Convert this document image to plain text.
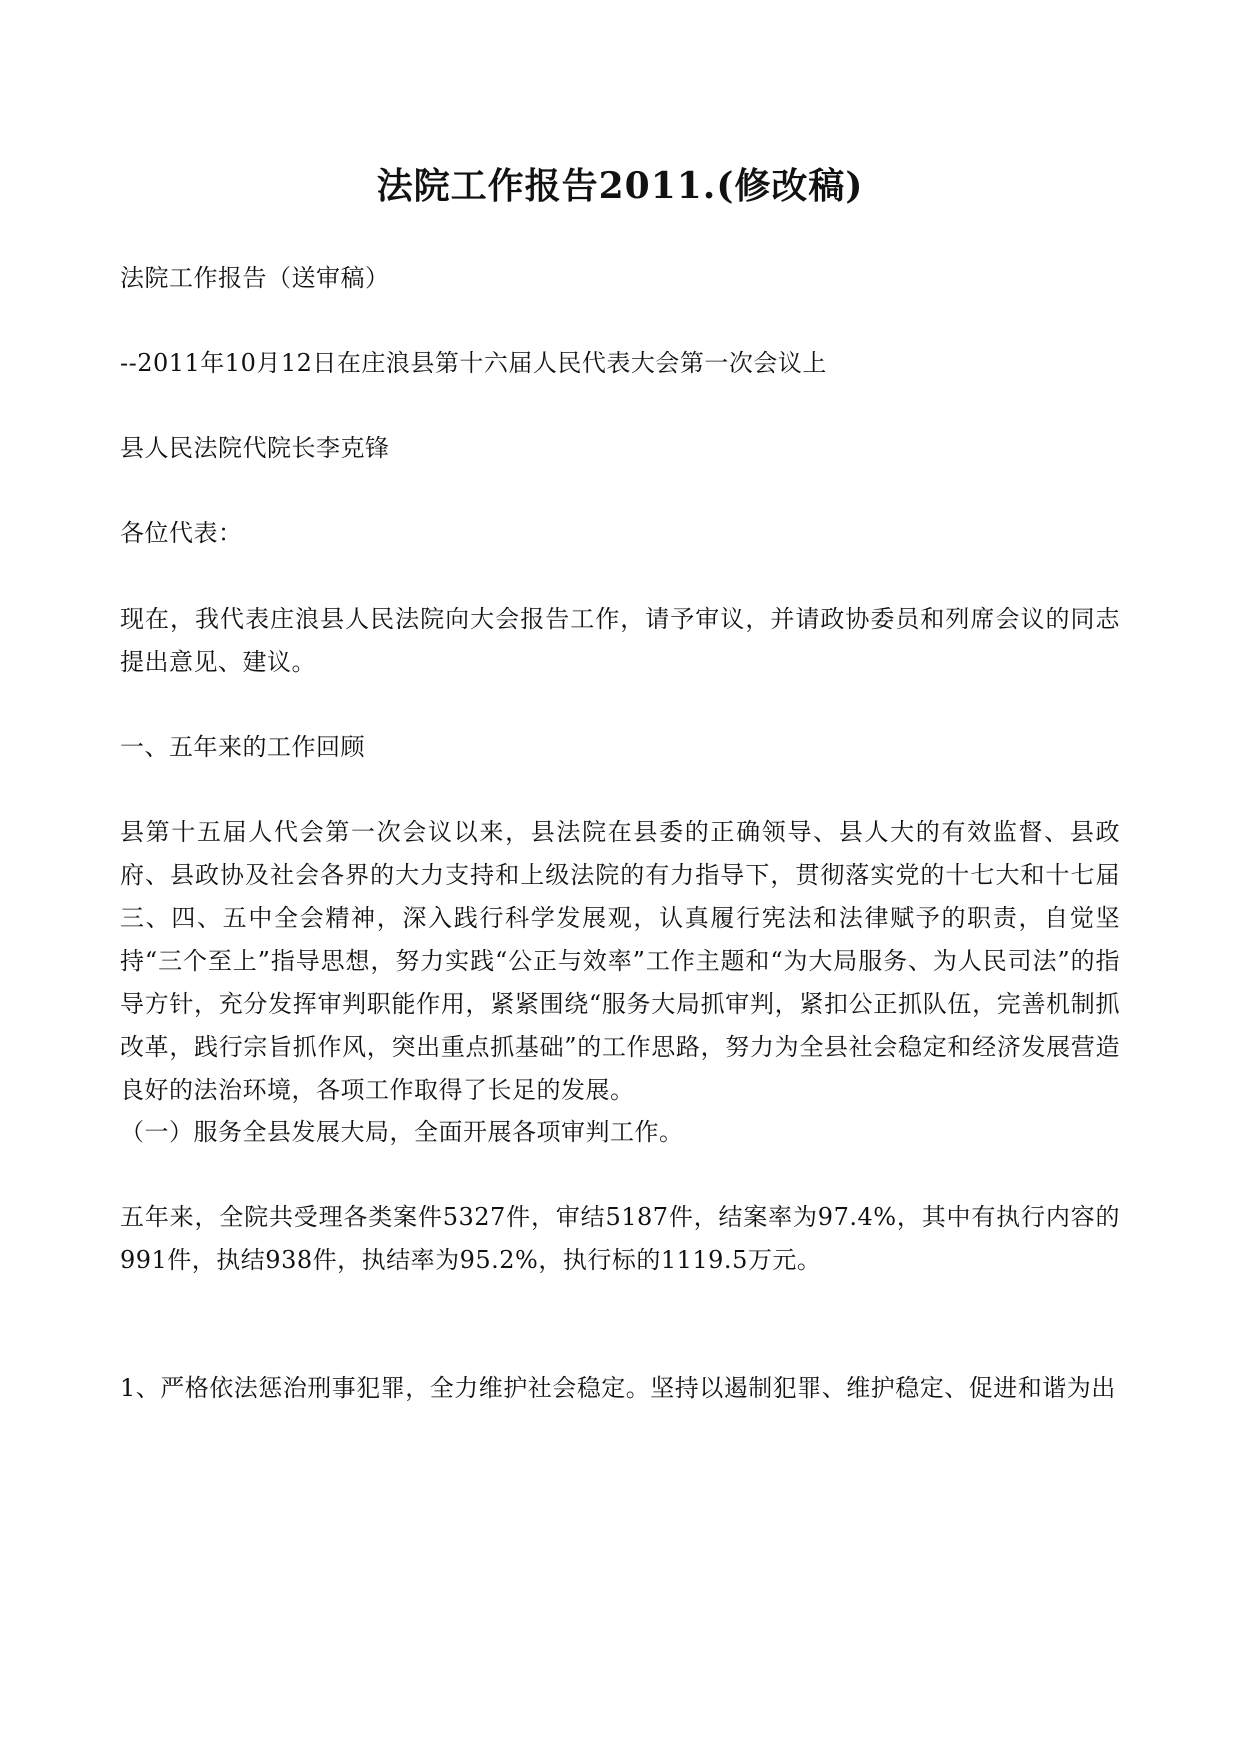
法院工作报告2011.(修改稿)

法院工作报告（送审稿）

--2011年10月12日在庄浪县第十六届人民代表大会第一次会议上

县人民法院代院长李克锋

各位代表：

现在，我代表庄浪县人民法院向大会报告工作，请予审议，并请政协委员和列席会议的同志提出意见、建议。

一、五年来的工作回顾

县第十五届人代会第一次会议以来，县法院在县委的正确领导、县人大的有效监督、县政府、县政协及社会各界的大力支持和上级法院的有力指导下，贯彻落实党的十七大和十七届三、四、五中全会精神，深入践行科学发展观，认真履行宪法和法律赋予的职责，自觉坚持“三个至上”指导思想，努力实践“公正与效率”工作主题和“为大局服务、为人民司法”的指导方针，充分发挥审判职能作用，紧紧围绕“服务大局抓审判，紧扣公正抓队伍，完善机制抓改革，践行宗旨抓作风，突出重点抓基础”的工作思路，努力为全县社会稳定和经济发展营造良好的法治环境，各项工作取得了长足的发展。

（一）服务全县发展大局，全面开展各项审判工作。

五年来，全院共受理各类案件5327件，审结5187件，结案率为97.4%，其中有执行内容的991件，执结938件，执结率为95.2%，执行标的1119.5万元。

1、严格依法惩治刑事犯罪，全力维护社会稳定。坚持以遏制犯罪、维护稳定、促进和谐为出
